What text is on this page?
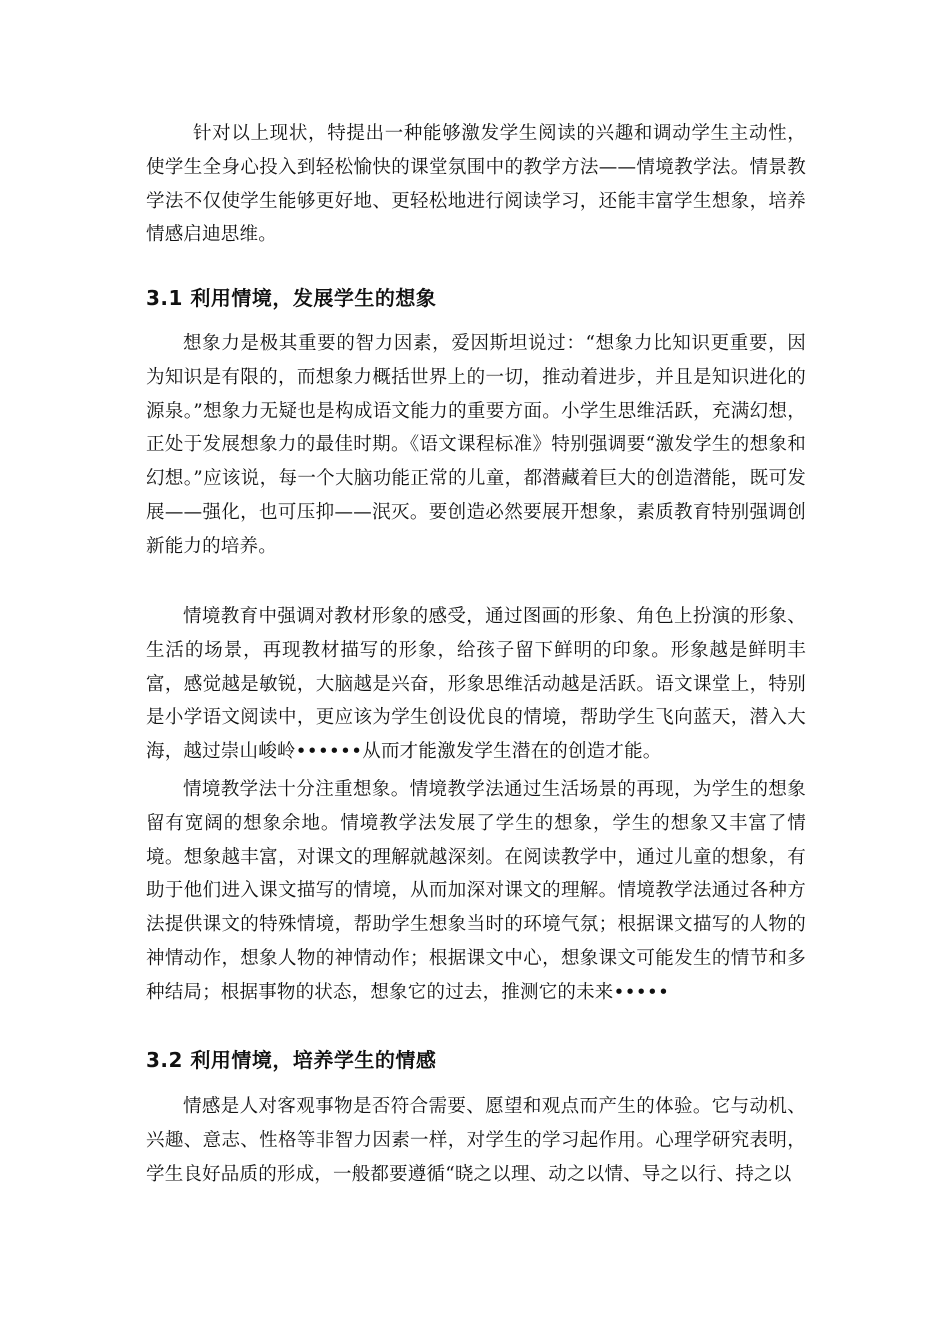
针对以上现状，特提出一种能够激发学生阅读的兴趣和调动学生主动性，使学生全身心投入到轻松愉快的课堂氛围中的教学方法——情境教学法。情景教学法不仅使学生能够更好地、更轻松地进行阅读学习，还能丰富学生想象，培养情感启迪思维。

3.1 利用情境，发展学生的想象

想象力是极其重要的智力因素，爱因斯坦说过：“想象力比知识更重要，因为知识是有限的，而想象力概括世界上的一切，推动着进步，并且是知识进化的源泉。”想象力无疑也是构成语文能力的重要方面。小学生思维活跃，充满幻想，正处于发展想象力的最佳时期。《语文课程标准》特别强调要“激发学生的想象和幻想。”应该说，每一个大脑功能正常的儿童，都潜藏着巨大的创造潜能，既可发展——强化，也可压抑——泯灭。要创造必然要展开想象，素质教育特别强调创新能力的培养。

情境教育中强调对教材形象的感受，通过图画的形象、角色上扮演的形象、生活的场景，再现教材描写的形象，给孩子留下鲜明的印象。形象越是鲜明丰富，感觉越是敏锐，大脑越是兴奋，形象思维活动越是活跃。语文课堂上，特别是小学语文阅读中，更应该为学生创设优良的情境，帮助学生飞向蓝天，潜入大海，越过崇山峻岭••••••从而才能激发学生潜在的创造才能。

情境教学法十分注重想象。情境教学法通过生活场景的再现，为学生的想象留有宽阔的想象余地。情境教学法发展了学生的想象，学生的想象又丰富了情境。想象越丰富，对课文的理解就越深刻。在阅读教学中，通过儿童的想象，有助于他们进入课文描写的情境，从而加深对课文的理解。情境教学法通过各种方法提供课文的特殊情境，帮助学生想象当时的环境气氛；根据课文描写的人物的神情动作，想象人物的神情动作；根据课文中心，想象课文可能发生的情节和多种结局；根据事物的状态，想象它的过去，推测它的未来•••••

3.2 利用情境，培养学生的情感

情感是人对客观事物是否符合需要、愿望和观点而产生的体验。它与动机、兴趣、意志、性格等非智力因素一样，对学生的学习起作用。心理学研究表明，学生良好品质的形成，一般都要遵循“晓之以理、动之以情、导之以行、持之以
